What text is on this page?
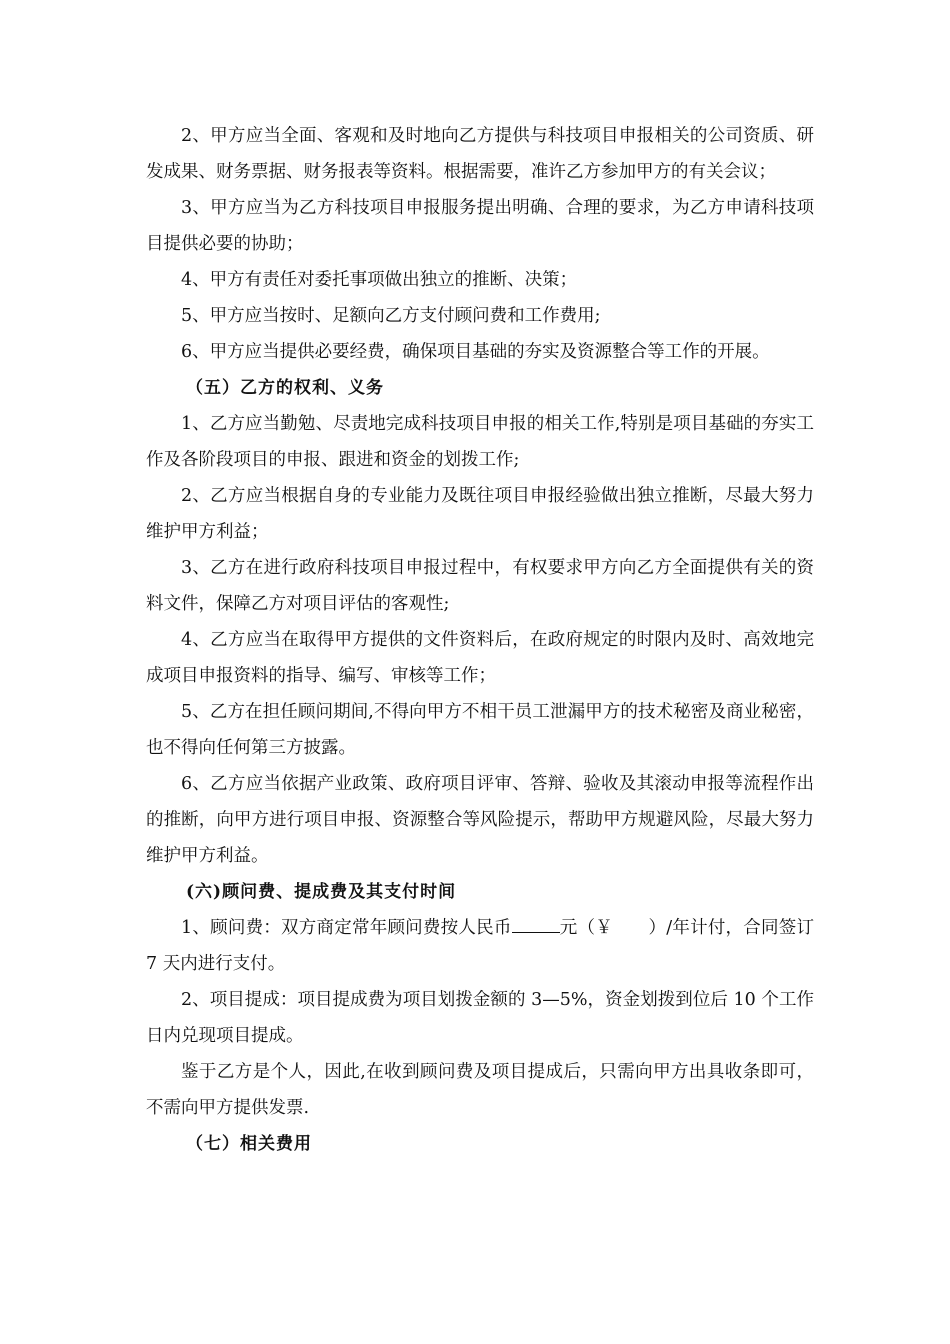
2、甲方应当全面、客观和及时地向乙方提供与科技项目申报相关的公司资质、研发成果、财务票据、财务报表等资料。根据需要，准许乙方参加甲方的有关会议；

3、甲方应当为乙方科技项目申报服务提出明确、合理的要求，为乙方申请科技项目提供必要的协助；

4、甲方有责任对委托事项做出独立的推断、决策；

5、甲方应当按时、足额向乙方支付顾问费和工作费用;

6、甲方应当提供必要经费，确保项目基础的夯实及资源整合等工作的开展。

（五）乙方的权利、义务

1、乙方应当勤勉、尽责地完成科技项目申报的相关工作,特别是项目基础的夯实工作及各阶段项目的申报、跟进和资金的划拨工作;

2、乙方应当根据自身的专业能力及既往项目申报经验做出独立推断，尽最大努力维护甲方利益；

3、乙方在进行政府科技项目申报过程中，有权要求甲方向乙方全面提供有关的资料文件，保障乙方对项目评估的客观性;

4、乙方应当在取得甲方提供的文件资料后，在政府规定的时限内及时、高效地完成项目申报资料的指导、编写、审核等工作；

5、乙方在担任顾问期间,不得向甲方不相干员工泄漏甲方的技术秘密及商业秘密，也不得向任何第三方披露。

6、乙方应当依据产业政策、政府项目评审、答辩、验收及其滚动申报等流程作出的推断，向甲方进行项目申报、资源整合等风险提示，帮助甲方规避风险，尽最大努力维护甲方利益。

(六)顾问费、提成费及其支付时间

1、顾问费：双方商定常年顾问费按人民币	元（￥　　）/年计付，合同签订 7 天内进行支付。

2、项目提成：项目提成费为项目划拨金额的 3—5%，资金划拨到位后 10 个工作日内兑现项目提成。

鉴于乙方是个人，因此,在收到顾问费及项目提成后，只需向甲方出具收条即可，不需向甲方提供发票.

（七）相关费用
